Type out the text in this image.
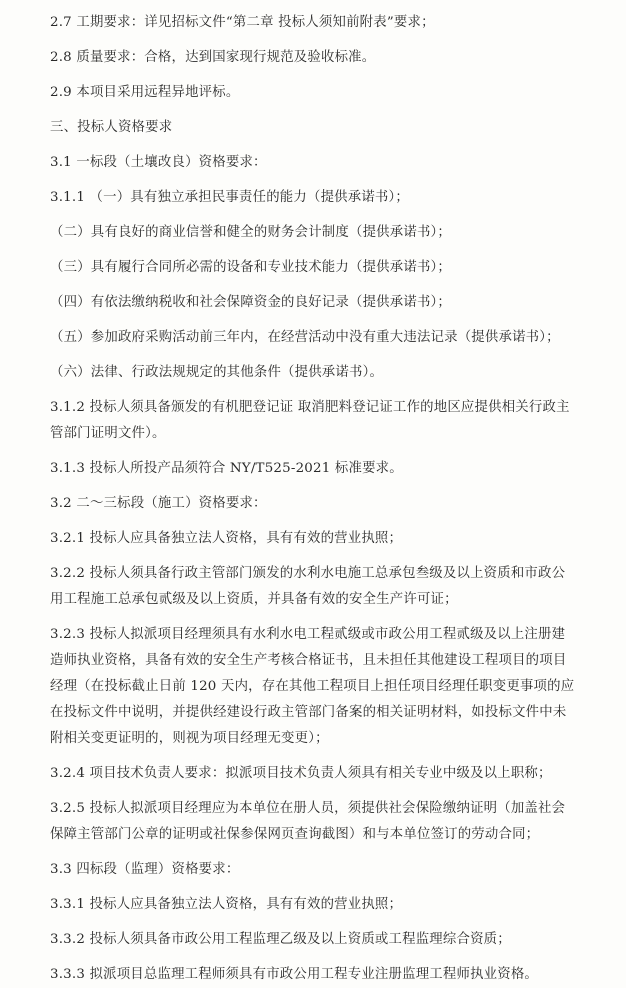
2.7 工期要求：详见招标文件“第二章 投标人须知前附表”要求；

2.8 质量要求：合格，达到国家现行规范及验收标准。

2.9 本项目采用远程异地评标。

三、投标人资格要求

3.1 一标段（土壤改良）资格要求：

3.1.1 （一）具有独立承担民事责任的能力（提供承诺书）；

（二）具有良好的商业信誉和健全的财务会计制度（提供承诺书）；

（三）具有履行合同所必需的设备和专业技术能力（提供承诺书）；

（四）有依法缴纳税收和社会保障资金的良好记录（提供承诺书）；

（五）参加政府采购活动前三年内，在经营活动中没有重大违法记录（提供承诺书）；

（六）法律、行政法规规定的其他条件（提供承诺书）。

3.1.2 投标人须具备颁发的有机肥登记证 取消肥料登记证工作的地区应提供相关行政主管部门证明文件）。

3.1.3 投标人所投产品须符合 NY/T525-2021 标准要求。

3.2 二～三标段（施工）资格要求：

3.2.1 投标人应具备独立法人资格，具有有效的营业执照；

3.2.2 投标人须具备行政主管部门颁发的水利水电施工总承包叁级及以上资质和市政公用工程施工总承包贰级及以上资质，并具备有效的安全生产许可证；

3.2.3 投标人拟派项目经理须具有水利水电工程贰级或市政公用工程贰级及以上注册建造师执业资格，具备有效的安全生产考核合格证书，且未担任其他建设工程项目的项目经理（在投标截止日前 120 天内，存在其他工程项目上担任项目经理任职变更事项的应在投标文件中说明，并提供经建设行政主管部门备案的相关证明材料，如投标文件中未附相关变更证明的，则视为项目经理无变更）；

3.2.4 项目技术负责人要求：拟派项目技术负责人须具有相关专业中级及以上职称；

3.2.5 投标人拟派项目经理应为本单位在册人员，须提供社会保险缴纳证明（加盖社会保障主管部门公章的证明或社保参保网页查询截图）和与本单位签订的劳动合同；

3.3 四标段（监理）资格要求：

3.3.1 投标人应具备独立法人资格，具有有效的营业执照；

3.3.2 投标人须具备市政公用工程监理乙级及以上资质或工程监理综合资质；

3.3.3 拟派项目总监理工程师须具有市政公用工程专业注册监理工程师执业资格。
